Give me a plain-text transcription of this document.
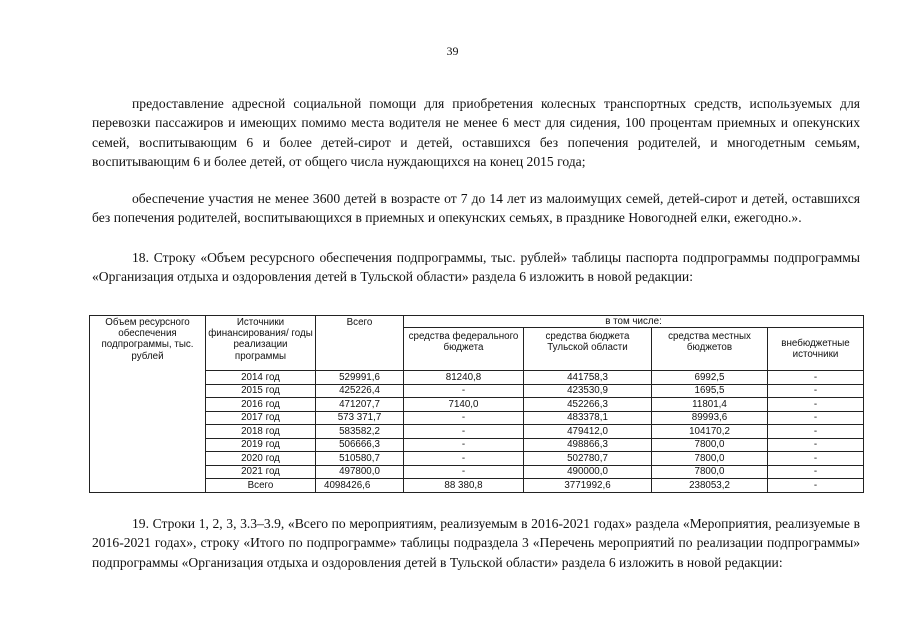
39

предоставление адресной социальной помощи для приобретения колесных транспортных средств, используемых для перевозки пассажиров и имеющих помимо места водителя не менее 6 мест для сидения, 100 процентам приемных и опекунских семей, воспитывающим 6 и более детей-сирот и детей, оставшихся без попечения родителей, и многодетным семьям, воспитывающим 6 и более детей, от общего числа нуждающихся на конец 2015 года;

обеспечение участия не менее 3600 детей в возрасте от 7 до 14 лет из малоимущих семей, детей-сирот и детей, оставшихся без попечения родителей, воспитывающихся в приемных и опекунских семьях, в празднике Новогодней елки, ежегодно.».

18. Строку «Объем ресурсного обеспечения подпрограммы, тыс. рублей» таблицы паспорта подпрограммы подпрограммы «Организация отдыха и оздоровления детей в Тульской области» раздела 6 изложить в новой редакции:

Объем ресурсного обеспечения подпрограммы, тыс. рублей	Источники финансирования/ годы реализации программы	Всего	в том числе:			
			средства федерального бюджета	средства бюджета Тульской области	средства местных бюджетов	внебюджетные источники
	2014 год	529991,6	81240,8	441758,3	6992,5	-
	2015 год	425226,4	-	423530,9	1695,5	-
	2016 год	471207,7	7140,0	452266,3	11801,4	-
	2017 год	573 371,7	-	483378,1	89993,6	-
	2018 год	583582,2	-	479412,0	104170,2	-
	2019 год	506666,3	-	498866,3	7800,0	-
	2020 год	510580,7	-	502780,7	7800,0	-
	2021 год	497800,0	-	490000,0	7800,0	-
	Всего	4098426,6	88 380,8	3771992,6	238053,2	-

19. Строки 1, 2, 3, 3.3–3.9, «Всего по мероприятиям, реализуемым в 2016-2021 годах» раздела «Мероприятия, реализуемые в 2016-2021 годах», строку «Итого по подпрограмме» таблицы подраздела 3 «Перечень мероприятий по реализации подпрограммы» подпрограммы «Организация отдыха и оздоровления детей в Тульской области» раздела 6 изложить в новой редакции:
